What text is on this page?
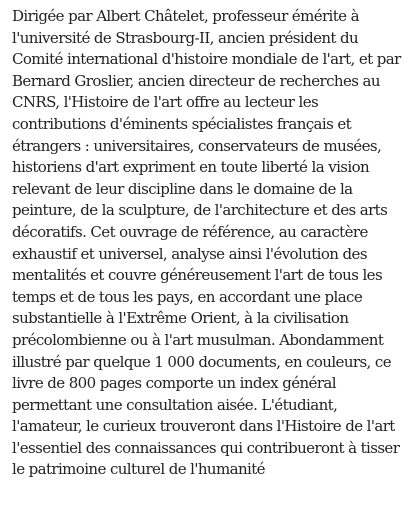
Dirigée par Albert Châtelet, professeur émérite à
l'université de Strasbourg-II, ancien président du
Comité international d'histoire mondiale de l'art, et par
Bernard Groslier, ancien directeur de recherches au
CNRS, l'Histoire de l'art offre au lecteur les
contributions d'éminents spécialistes français et
étrangers : universitaires, conservateurs de musées,
historiens d'art expriment en toute liberté la vision
relevant de leur discipline dans le domaine de la
peinture, de la sculpture, de l'architecture et des arts
décoratifs. Cet ouvrage de référence, au caractère
exhaustif et universel, analyse ainsi l'évolution des
mentalités et couvre généreusement l'art de tous les
temps et de tous les pays, en accordant une place
substantielle à l'Extrême Orient, à la civilisation
précolombienne ou à l'art musulman. Abondamment
illustré par quelque 1 000 documents, en couleurs, ce
livre de 800 pages comporte un index général
permettant une consultation aisée. L'étudiant,
l'amateur, le curieux trouveront dans l'Histoire de l'art
l'essentiel des connaissances qui contribueront à tisser
le patrimoine culturel de l'humanité
